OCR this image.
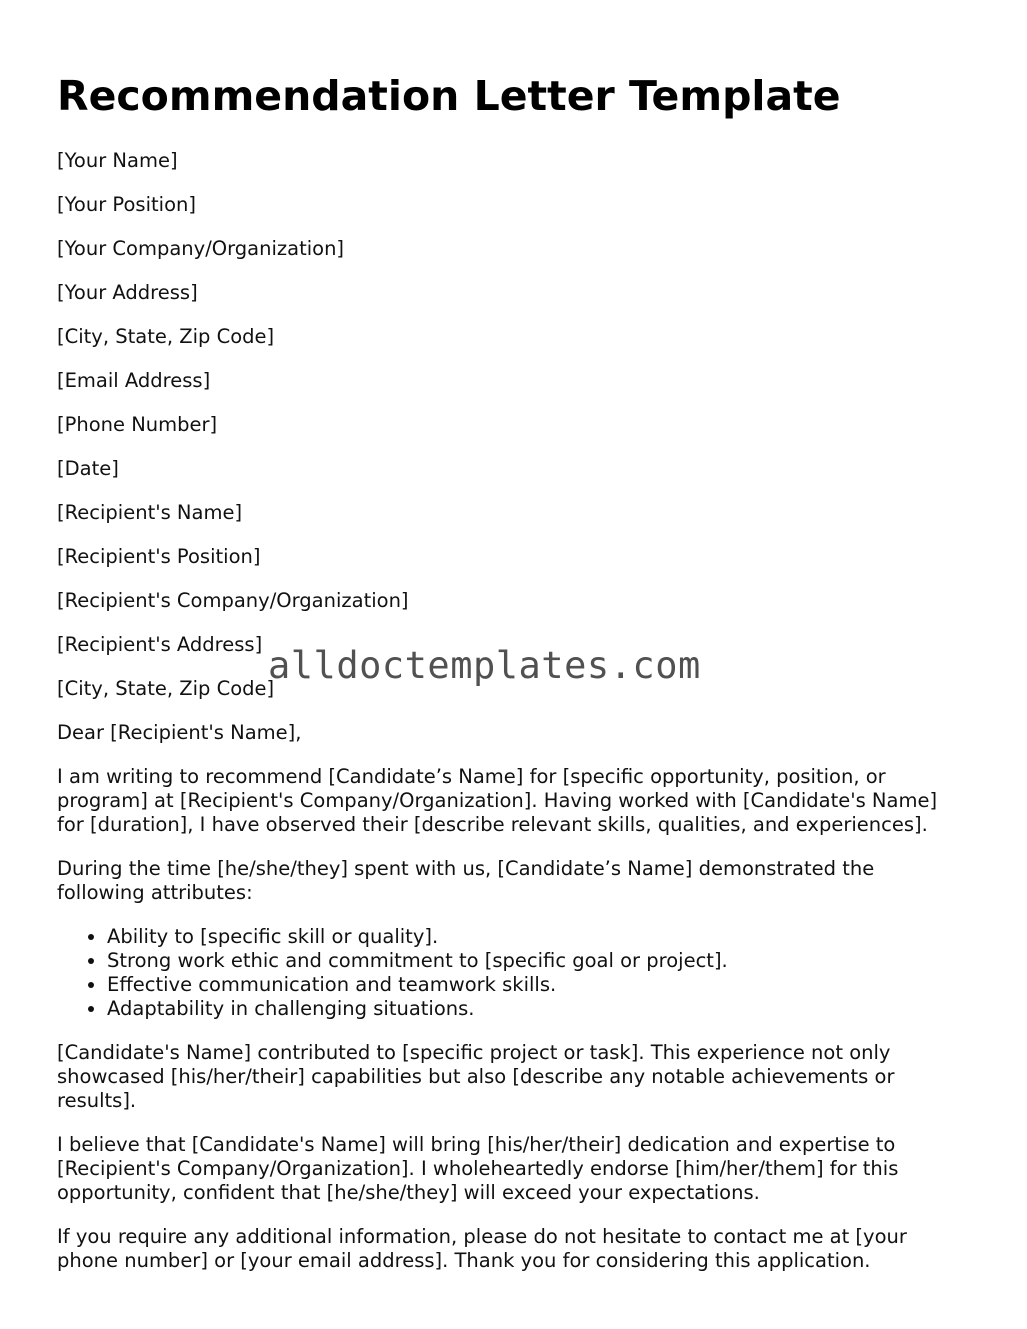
Recommendation Letter Template

[Your Name]

[Your Position]

[Your Company/Organization]

[Your Address]

[City, State, Zip Code]

[Email Address]

[Phone Number]

[Date]

[Recipient's Name]

[Recipient's Position]

[Recipient's Company/Organization]

[Recipient's Address]

[City, State, Zip Code]

Dear [Recipient's Name],

I am writing to recommend [Candidate’s Name] for [specific opportunity, position, or program] at [Recipient's Company/Organization]. Having worked with [Candidate's Name] for [duration], I have observed their [describe relevant skills, qualities, and experiences].

During the time [he/she/they] spent with us, [Candidate’s Name] demonstrated the following attributes:

• Ability to [specific skill or quality].
• Strong work ethic and commitment to [specific goal or project].
• Effective communication and teamwork skills.
• Adaptability in challenging situations.

[Candidate's Name] contributed to [specific project or task]. This experience not only showcased [his/her/their] capabilities but also [describe any notable achievements or results].

I believe that [Candidate's Name] will bring [his/her/their] dedication and expertise to [Recipient's Company/Organization]. I wholeheartedly endorse [him/her/them] for this opportunity, confident that [he/she/they] will exceed your expectations.

If you require any additional information, please do not hesitate to contact me at [your phone number] or [your email address]. Thank you for considering this application.

alldoctemplates.com
